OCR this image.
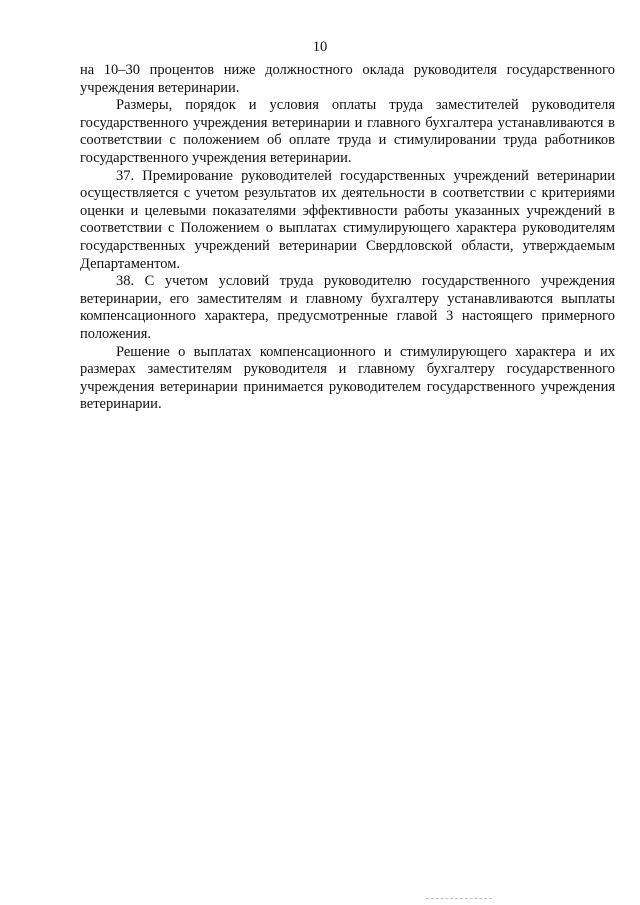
10

на 10–30 процентов ниже должностного оклада руководителя государственного учреждения ветеринарии.

Размеры, порядок и условия оплаты труда заместителей руководителя государственного учреждения ветеринарии и главного бухгалтера устанавливаются в соответствии с положением об оплате труда и стимулировании труда работников государственного учреждения ветеринарии.

37. Премирование руководителей государственных учреждений ветеринарии осуществляется с учетом результатов их деятельности в соответствии с критериями оценки и целевыми показателями эффективности работы указанных учреждений в соответствии с Положением о выплатах стимулирующего характера руководителям государственных учреждений ветеринарии Свердловской области, утверждаемым Департаментом.

38. С учетом условий труда руководителю государственного учреждения ветеринарии, его заместителям и главному бухгалтеру устанавливаются выплаты компенсационного характера, предусмотренные главой 3 настоящего примерного положения.

Решение о выплатах компенсационного и стимулирующего характера и их размерах заместителям руководителя и главному бухгалтеру государственного учреждения ветеринарии принимается руководителем государственного учреждения ветеринарии.
